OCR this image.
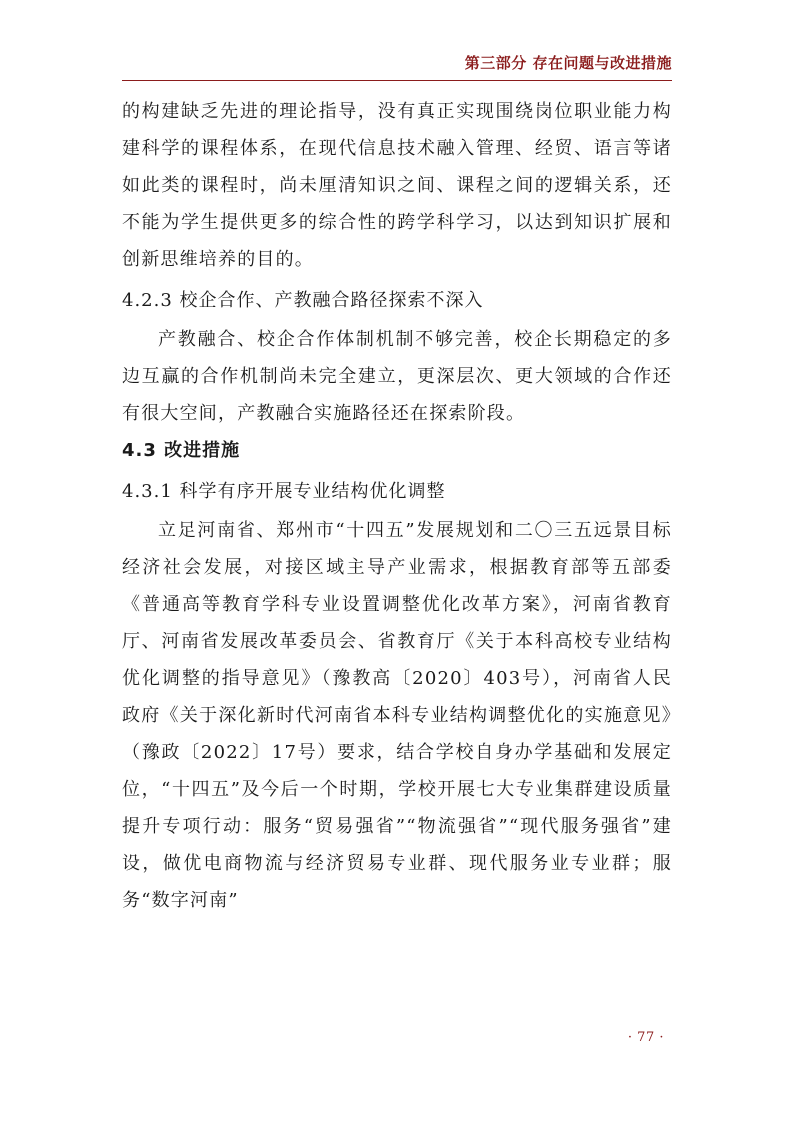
第三部分 存在问题与改进措施

的构建缺乏先进的理论指导，没有真正实现围绕岗位职业能力构建科学的课程体系，在现代信息技术融入管理、经贸、语言等诸如此类的课程时，尚未厘清知识之间、课程之间的逻辑关系，还不能为学生提供更多的综合性的跨学科学习，以达到知识扩展和创新思维培养的目的。

4.2.3 校企合作、产教融合路径探索不深入

产教融合、校企合作体制机制不够完善，校企长期稳定的多边互赢的合作机制尚未完全建立，更深层次、更大领域的合作还有很大空间，产教融合实施路径还在探索阶段。

4.3 改进措施
4.3.1 科学有序开展专业结构优化调整

立足河南省、郑州市“十四五”发展规划和二〇三五远景目标经济社会发展，对接区域主导产业需求，根据教育部等五部委《普通高等教育学科专业设置调整优化改革方案》，河南省教育厅、河南省发展改革委员会、省教育厅《关于本科高校专业结构优化调整的指导意见》（豫教高〔2020〕403号），河南省人民政府《关于深化新时代河南省本科专业结构调整优化的实施意见》（豫政〔2022〕17号）要求，结合学校自身办学基础和发展定位，“十四五”及今后一个时期，学校开展七大专业集群建设质量提升专项行动：服务“贸易强省”“物流强省”“现代服务强省”建设，做优电商物流与经济贸易专业群、现代服务业专业群；服务“数字河南”

· 77 ·
